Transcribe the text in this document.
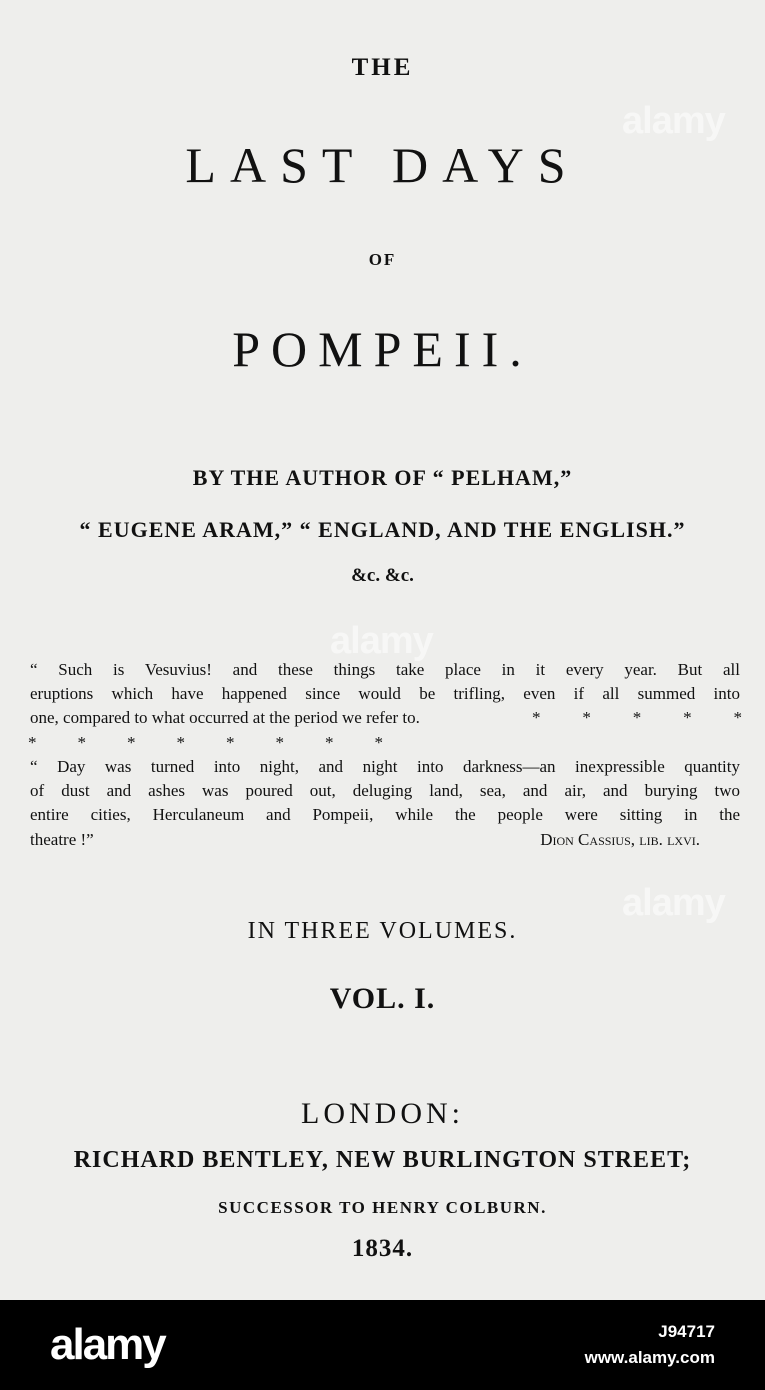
THE
LAST DAYS
OF
POMPEII.
BY THE AUTHOR OF “ PELHAM,”
“ EUGENE ARAM,” “ ENGLAND, AND THE ENGLISH.”
&c. &c.
“ Such is Vesuvius! and these things take place in it every year. But all
eruptions which have happened since would be trifling, even if all summed into
one, compared to what occurred at the period we refer to.	* * * * *
* * * * * * * *
“ Day was turned into night, and night into darkness—an inexpressible quantity
of dust and ashes was poured out, deluging land, sea, and air, and burying two
entire cities, Herculaneum and Pompeii, while the people were sitting in the
theatre !”	Dion Cassius, lib. lxvi.
IN THREE VOLUMES.
VOL. I.
LONDON:
RICHARD BENTLEY, NEW BURLINGTON STREET;
SUCCESSOR TO HENRY COLBURN.
1834.
alamy
alamy
alamy
alamy	J94717
www.alamy.com
